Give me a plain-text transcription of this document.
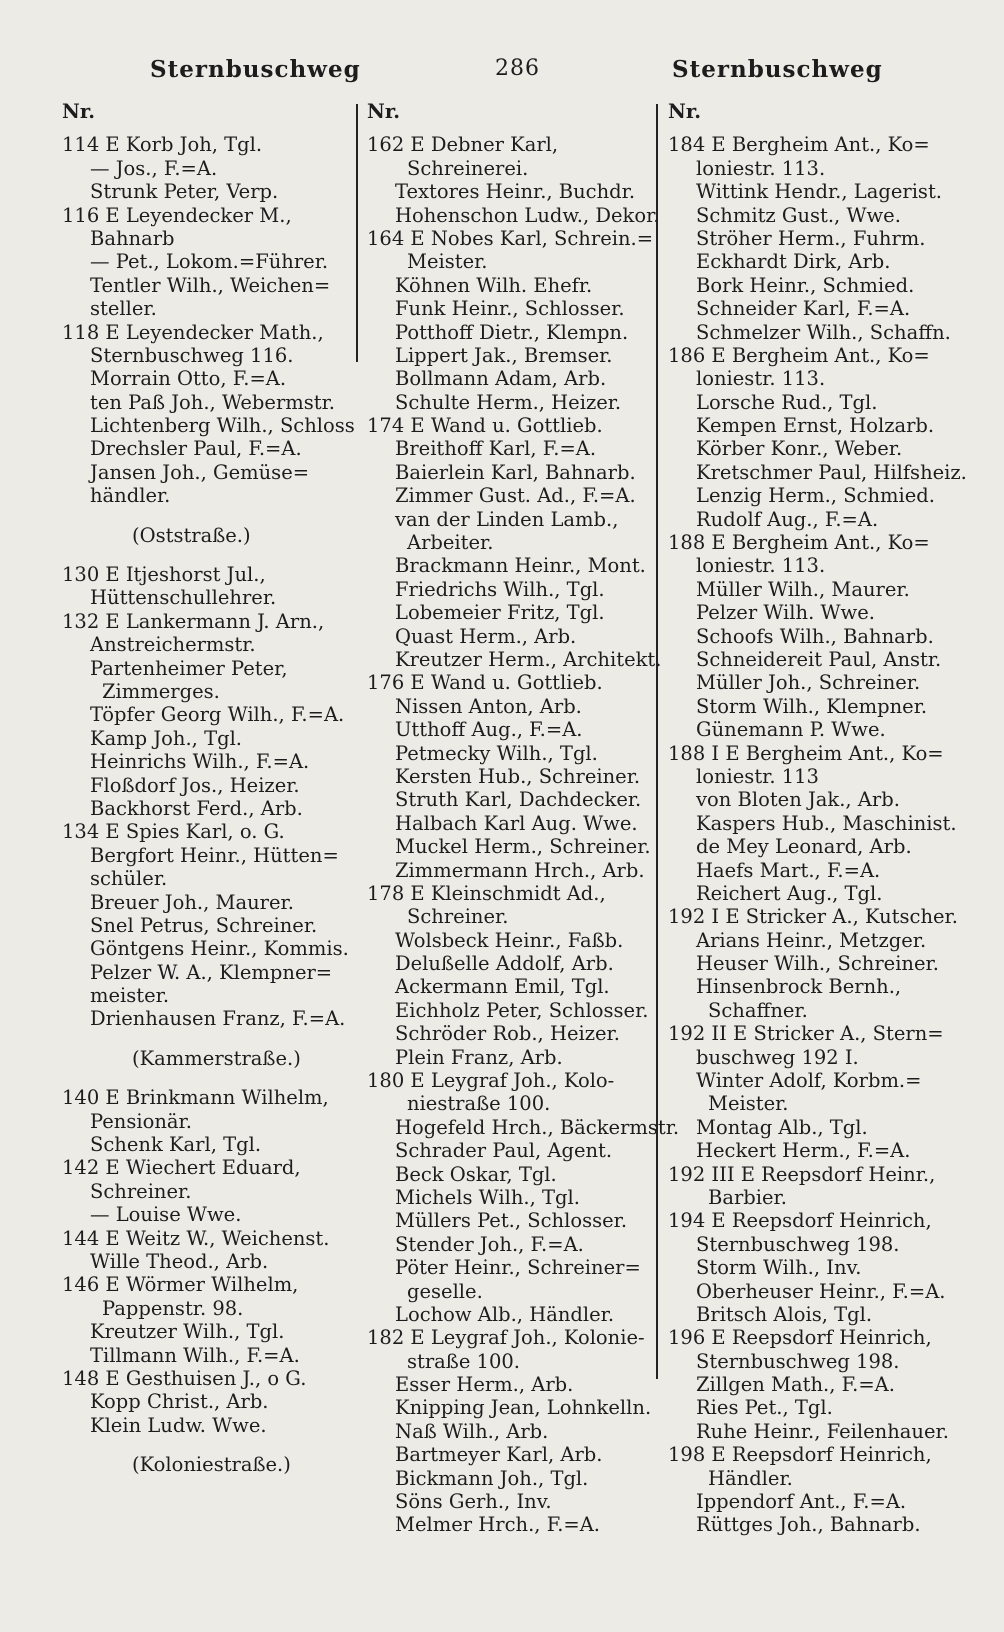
Sternbuschweg	286	Sternbuschweg
Nr.
114 E Korb Joh, Tgl.
— Jos., F.=A.
Strunk Peter, Verp.
116 E Leyendecker M.,
Bahnarb
— Pet., Lokom.=Führer.
Tentler Wilh., Weichen=
steller.
118 E Leyendecker Math.,
Sternbuschweg 116.
Morrain Otto, F.=A.
ten Paß Joh., Webermstr.
Lichtenberg Wilh., Schloss
Drechsler Paul, F.=A.
Jansen Joh., Gemüse=
händler.
(Oststraße.)
130 E Itjeshorst Jul.,
Hüttenschullehrer.
132 E Lankermann J. Arn.,
Anstreichermstr.
Partenheimer Peter,
Zimmerges.
Töpfer Georg Wilh., F.=A.
Kamp Joh., Tgl.
Heinrichs Wilh., F.=A.
Floßdorf Jos., Heizer.
Backhorst Ferd., Arb.
134 E Spies Karl, o. G.
Bergfort Heinr., Hütten=
schüler.
Breuer Joh., Maurer.
Snel Petrus, Schreiner.
Göntgens Heinr., Kommis.
Pelzer W. A., Klempner=
meister.
Drienhausen Franz, F.=A.
(Kammerstraße.)
140 E Brinkmann Wilhelm,
Pensionär.
Schenk Karl, Tgl.
142 E Wiechert Eduard,
Schreiner.
— Louise Wwe.
144 E Weitz W., Weichenst.
Wille Theod., Arb.
146 E Wörmer Wilhelm,
Pappenstr. 98.
Kreutzer Wilh., Tgl.
Tillmann Wilh., F.=A.
148 E Gesthuisen J., o G.
Kopp Christ., Arb.
Klein Ludw. Wwe.
(Koloniestraße.)
Nr.
162 E Debner Karl,
Schreinerei.
Textores Heinr., Buchdr.
Hohenschon Ludw., Dekor.
164 E Nobes Karl, Schrein.=
Meister.
Köhnen Wilh. Ehefr.
Funk Heinr., Schlosser.
Potthoff Dietr., Klempn.
Lippert Jak., Bremser.
Bollmann Adam, Arb.
Schulte Herm., Heizer.
174 E Wand u. Gottlieb.
Breithoff Karl, F.=A.
Baierlein Karl, Bahnarb.
Zimmer Gust. Ad., F.=A.
van der Linden Lamb.,
Arbeiter.
Brackmann Heinr., Mont.
Friedrichs Wilh., Tgl.
Lobemeier Fritz, Tgl.
Quast Herm., Arb.
Kreutzer Herm., Architekt.
176 E Wand u. Gottlieb.
Nissen Anton, Arb.
Utthoff Aug., F.=A.
Petmecky Wilh., Tgl.
Kersten Hub., Schreiner.
Struth Karl, Dachdecker.
Halbach Karl Aug. Wwe.
Muckel Herm., Schreiner.
Zimmermann Hrch., Arb.
178 E Kleinschmidt Ad.,
Schreiner.
Wolsbeck Heinr., Faßb.
Delußelle Addolf, Arb.
Ackermann Emil, Tgl.
Eichholz Peter, Schlosser.
Schröder Rob., Heizer.
Plein Franz, Arb.
180 E Leygraf Joh., Kolo-
niestraße 100.
Hogefeld Hrch., Bäckermstr.
Schrader Paul, Agent.
Beck Oskar, Tgl.
Michels Wilh., Tgl.
Müllers Pet., Schlosser.
Stender Joh., F.=A.
Pöter Heinr., Schreiner=
geselle.
Lochow Alb., Händler.
182 E Leygraf Joh., Kolonie-
straße 100.
Esser Herm., Arb.
Knipping Jean, Lohnkelln.
Naß Wilh., Arb.
Bartmeyer Karl, Arb.
Bickmann Joh., Tgl.
Söns Gerh., Inv.
Melmer Hrch., F.=A.
Nr.
184 E Bergheim Ant., Ko=
loniestr. 113.
Wittink Hendr., Lagerist.
Schmitz Gust., Wwe.
Ströher Herm., Fuhrm.
Eckhardt Dirk, Arb.
Bork Heinr., Schmied.
Schneider Karl, F.=A.
Schmelzer Wilh., Schaffn.
186 E Bergheim Ant., Ko=
loniestr. 113.
Lorsche Rud., Tgl.
Kempen Ernst, Holzarb.
Körber Konr., Weber.
Kretschmer Paul, Hilfsheiz.
Lenzig Herm., Schmied.
Rudolf Aug., F.=A.
188 E Bergheim Ant., Ko=
loniestr. 113.
Müller Wilh., Maurer.
Pelzer Wilh. Wwe.
Schoofs Wilh., Bahnarb.
Schneidereit Paul, Anstr.
Müller Joh., Schreiner.
Storm Wilh., Klempner.
Günemann P. Wwe.
188 I E Bergheim Ant., Ko=
loniestr. 113
von Bloten Jak., Arb.
Kaspers Hub., Maschinist.
de Mey Leonard, Arb.
Haefs Mart., F.=A.
Reichert Aug., Tgl.
192 I E Stricker A., Kutscher.
Arians Heinr., Metzger.
Heuser Wilh., Schreiner.
Hinsenbrock Bernh.,
Schaffner.
192 II E Stricker A., Stern=
buschweg 192 I.
Winter Adolf, Korbm.=
Meister.
Montag Alb., Tgl.
Heckert Herm., F.=A.
192 III E Reepsdorf Heinr.,
Barbier.
194 E Reepsdorf Heinrich,
Sternbuschweg 198.
Storm Wilh., Inv.
Oberheuser Heinr., F.=A.
Britsch Alois, Tgl.
196 E Reepsdorf Heinrich,
Sternbuschweg 198.
Zillgen Math., F.=A.
Ries Pet., Tgl.
Ruhe Heinr., Feilenhauer.
198 E Reepsdorf Heinrich,
Händler.
Ippendorf Ant., F.=A.
Rüttges Joh., Bahnarb.
